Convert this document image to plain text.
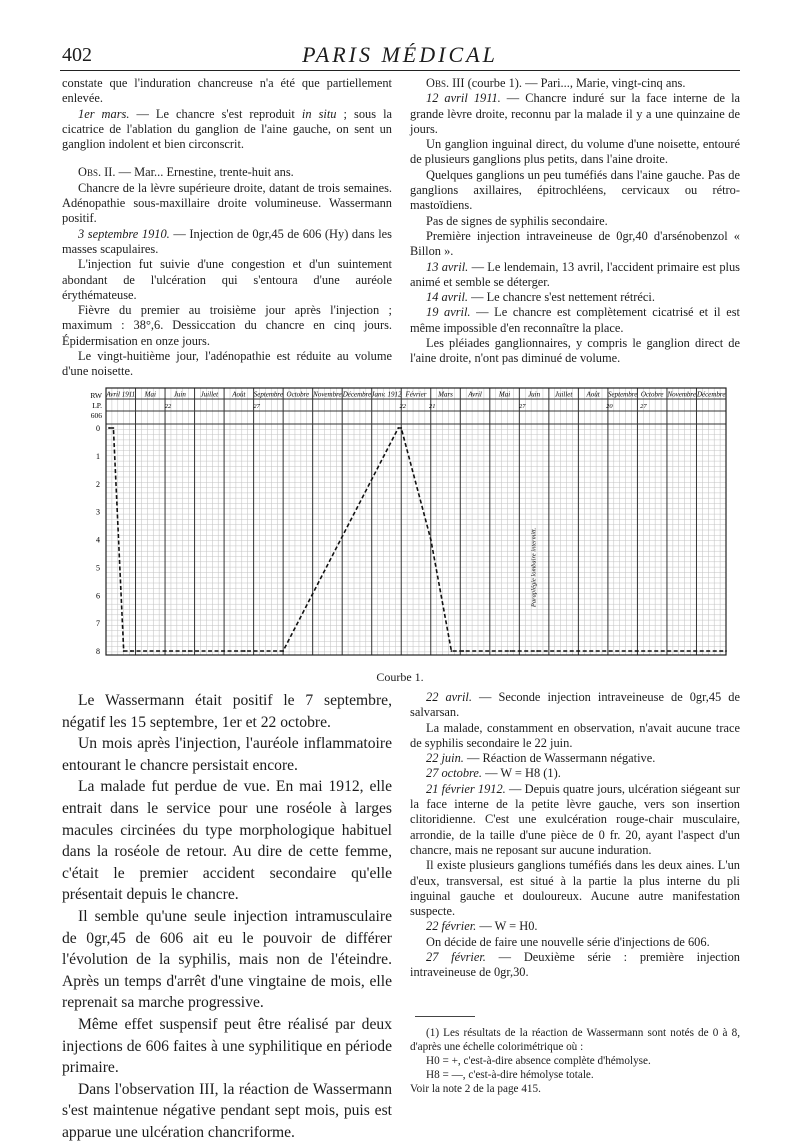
402	PARIS MÉDICAL

constate que l'induration chancreuse n'a été que partiellement enlevée.

1er mars. — Le chancre s'est reproduit in situ ; sous la cicatrice de l'ablation du ganglion de l'aine gauche, on sent un ganglion indolent et bien circonscrit.

Obs. II. — Mar... Ernestine, trente-huit ans.

Chancre de la lèvre supérieure droite, datant de trois semaines. Adénopathie sous-maxillaire droite volumineuse. Wassermann positif.

3 septembre 1910. — Injection de 0gr,45 de 606 (Hy) dans les masses scapulaires.

L'injection fut suivie d'une congestion et d'un suintement abondant de l'ulcération qui s'entoura d'une auréole érythémateuse.

Fièvre du premier au troisième jour après l'injection ; maximum : 38°,6. Dessiccation du chancre en cinq jours. Épidermisation en onze jours.

Le vingt-huitième jour, l'adénopathie est réduite au volume d'une noisette.

Obs. III (courbe 1). — Pari..., Marie, vingt-cinq ans.

12 avril 1911. — Chancre induré sur la face interne de la grande lèvre droite, reconnu par la malade il y a une quinzaine de jours.

Un ganglion inguinal direct, du volume d'une noisette, entouré de plusieurs ganglions plus petits, dans l'aine droite.

Quelques ganglions un peu tuméfiés dans l'aine gauche. Pas de ganglions axillaires, épitrochléens, cervicaux ou rétro-mastoïdiens.

Pas de signes de syphilis secondaire.

Première injection intraveineuse de 0gr,40 d'arsénobenzol « Billon ».

13 avril. — Le lendemain, 13 avril, l'accident primaire est plus animé et semble se déterger.

14 avril. — Le chancre s'est nettement rétréci.

19 avril. — Le chancre est complètement cicatrisé et il est même impossible d'en reconnaître la place.

Les pléiades ganglionnaires, y compris le ganglion direct de l'aine droite, n'ont pas diminué de volume.

Avril 1911 Mai	Juin Juillet Août Septembre Octobre Novembre Décembre Janv. 1912 Février Mars Avril Mai	Juin Juillet Août Septembre Octobre Novembre Décembre
RW
LP.
606
22	27	22	21	27	20	27
0
1
2
3
4
5
6
7
8
Paraplégie lombaire intermitt.
Courbe 1.

Le Wassermann était positif le 7 septembre, négatif les 15 septembre, 1er et 22 octobre.

Un mois après l'injection, l'auréole inflammatoire entourant le chancre persistait encore.

La malade fut perdue de vue. En mai 1912, elle entrait dans le service pour une roséole à larges macules circinées du type morphologique habituel dans la roséole de retour. Au dire de cette femme, c'était le premier accident secondaire qu'elle présentait depuis le chancre.

Il semble qu'une seule injection intramusculaire de 0gr,45 de 606 ait eu le pouvoir de différer l'évolution de la syphilis, mais non de l'éteindre. Après un temps d'arrêt d'une vingtaine de mois, elle reprenait sa marche progressive.

Même effet suspensif peut être réalisé par deux injections de 606 faites à une syphilitique en période primaire.

Dans l'observation III, la réaction de Wassermann s'est maintenue négative pendant sept mois, puis est apparue une ulcération chancriforme.

22 avril. — Seconde injection intraveineuse de 0gr,45 de salvarsan.

La malade, constamment en observation, n'avait aucune trace de syphilis secondaire le 22 juin.

22 juin. — Réaction de Wassermann négative.

27 octobre. — W = H8 (1).

21 février 1912. — Depuis quatre jours, ulcération siégeant sur la face interne de la petite lèvre gauche, vers son insertion clitoridienne. C'est une exulcération rouge-chair musculaire, arrondie, de la taille d'une pièce de 0 fr. 20, ayant l'aspect d'un chancre, mais ne reposant sur aucune induration.

Il existe plusieurs ganglions tuméfiés dans les deux aines. L'un d'eux, transversal, est situé à la partie la plus interne du pli inguinal gauche et douloureux. Aucune autre manifestation suspecte.

22 février. — W = H0.

On décide de faire une nouvelle série d'injections de 606.

27 février. — Deuxième série : première injection intraveineuse de 0gr,30.

(1) Les résultats de la réaction de Wassermann sont notés de 0 à 8, d'après une échelle colorimétrique où :

H0 = +, c'est-à-dire absence complète d'hémolyse.

H8 = —, c'est-à-dire hémolyse totale.

Voir la note 2 de la page 415.
